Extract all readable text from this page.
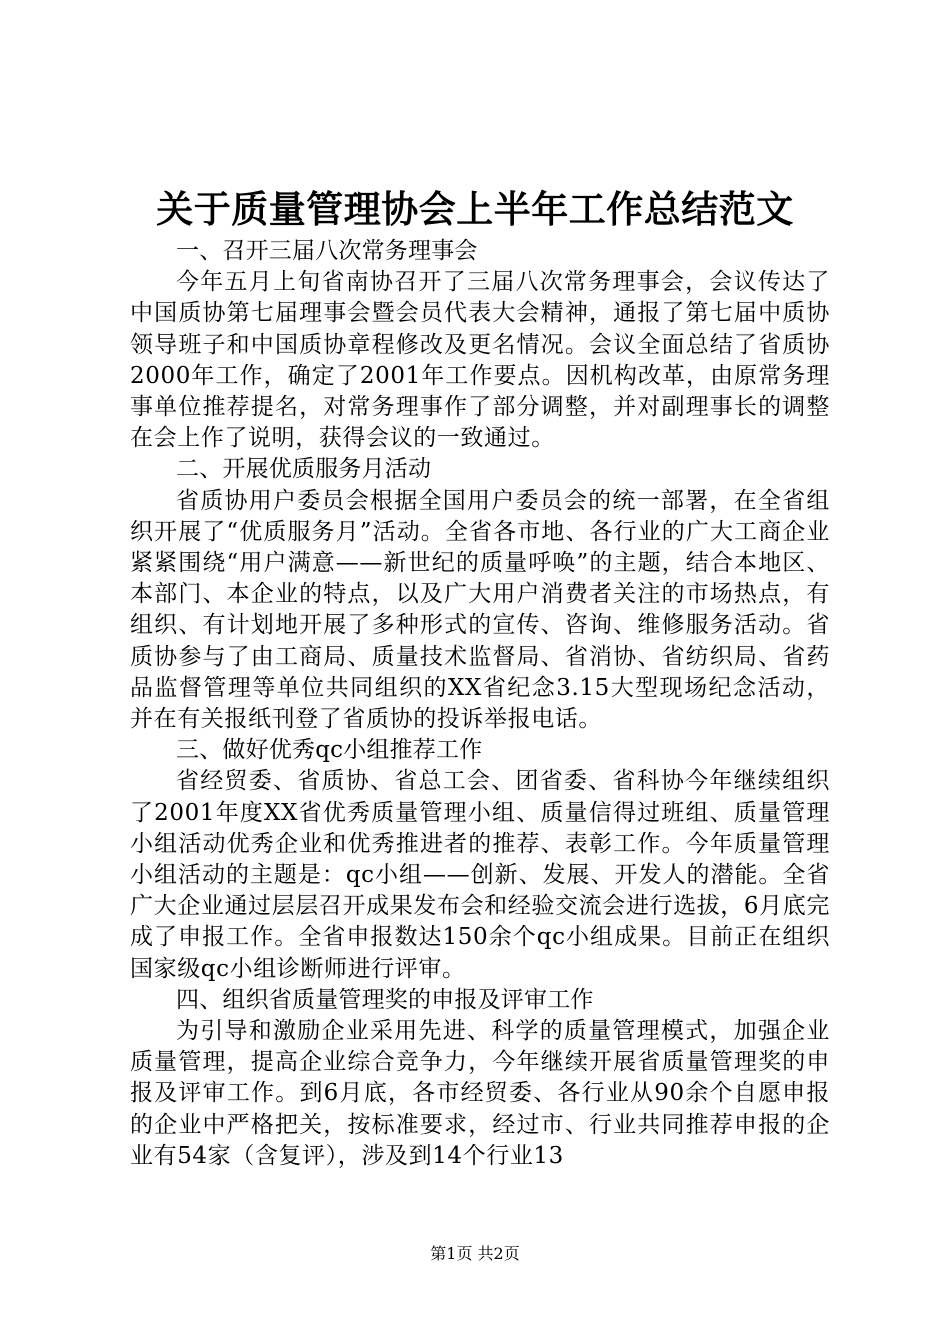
关于质量管理协会上半年工作总结范文

一、召开三届八次常务理事会

今年五月上旬省南协召开了三届八次常务理事会，会议传达了中国质协第七届理事会暨会员代表大会精神，通报了第七届中质协领导班子和中国质协章程修改及更名情况。会议全面总结了省质协2000年工作，确定了2001年工作要点。因机构改革，由原常务理事单位推荐提名，对常务理事作了部分调整，并对副理事长的调整在会上作了说明，获得会议的一致通过。

二、开展优质服务月活动

省质协用户委员会根据全国用户委员会的统一部署，在全省组织开展了“优质服务月”活动。全省各市地、各行业的广大工商企业紧紧围绕“用户满意——新世纪的质量呼唤”的主题，结合本地区、本部门、本企业的特点，以及广大用户消费者关注的市场热点，有组织、有计划地开展了多种形式的宣传、咨询、维修服务活动。省质协参与了由工商局、质量技术监督局、省消协、省纺织局、省药品监督管理等单位共同组织的XX省纪念3.15大型现场纪念活动，并在有关报纸刊登了省质协的投诉举报电话。

三、做好优秀qc小组推荐工作

省经贸委、省质协、省总工会、团省委、省科协今年继续组织了2001年度XX省优秀质量管理小组、质量信得过班组、质量管理小组活动优秀企业和优秀推进者的推荐、表彰工作。今年质量管理小组活动的主题是：qc小组——创新、发展、开发人的潜能。全省广大企业通过层层召开成果发布会和经验交流会进行选拔，6月底完成了申报工作。全省申报数达150余个qc小组成果。目前正在组织国家级qc小组诊断师进行评审。

四、组织省质量管理奖的申报及评审工作

为引导和激励企业采用先进、科学的质量管理模式，加强企业质量管理，提高企业综合竞争力，今年继续开展省质量管理奖的申报及评审工作。到6月底，各市经贸委、各行业从90余个自愿申报的企业中严格把关，按标准要求，经过市、行业共同推荐申报的企业有54家（含复评），涉及到14个行业13

第1页 共2页
